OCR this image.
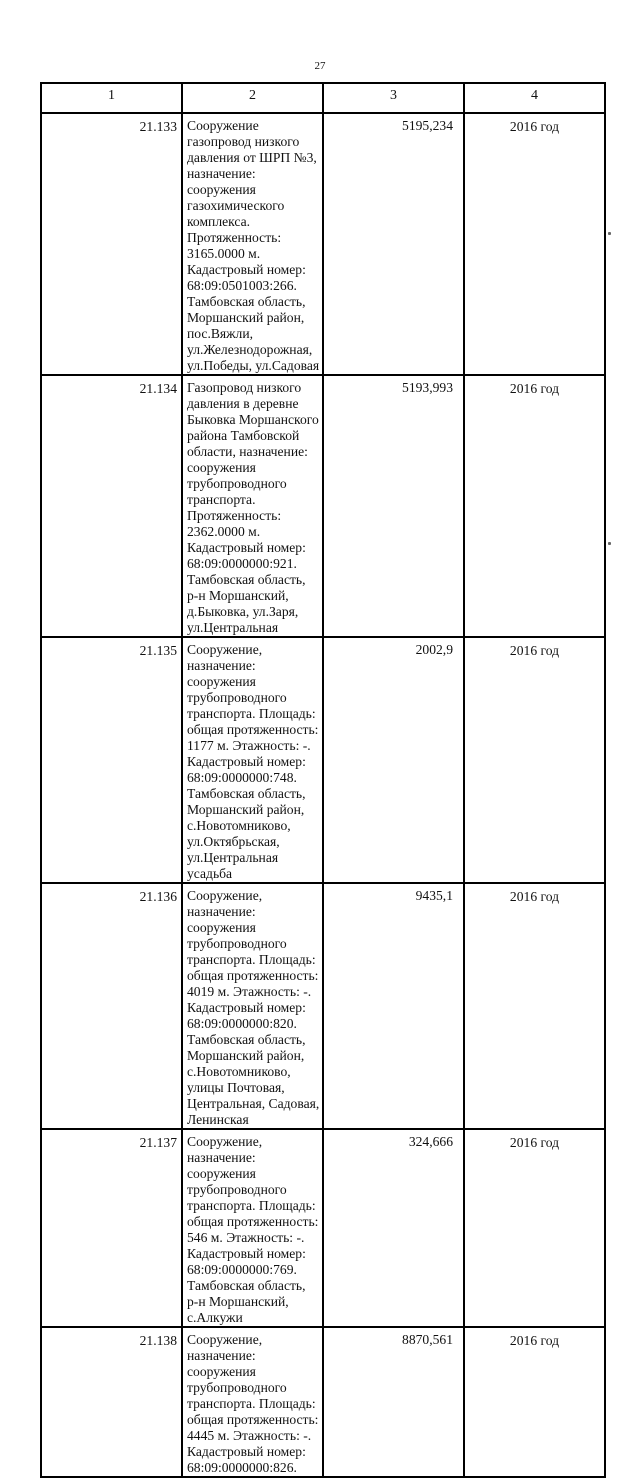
27
1	2	3	4
21.133	Сооружение газопровод низкого давления от ШРП №3, назначение: сооружения газохимического комплекса. Протяженность: 3165.0000 м. Кадастровый номер: 68:09:0501003:266. Тамбовская область, Моршанский район, пос.Вяжли, ул.Железнодорожная, ул.Победы, ул.Садовая	5195,234	2016 год
21.134	Газопровод низкого давления в деревне Быковка Моршанского района Тамбовской области, назначение: сооружения трубопроводного транспорта. Протяженность: 2362.0000 м. Кадастровый номер: 68:09:0000000:921. Тамбовская область, р-н Моршанский, д.Быковка, ул.Заря, ул.Центральная	5193,993	2016 год
21.135	Сооружение, назначение: сооружения трубопроводного транспорта. Площадь: общая протяженность: 1177 м. Этажность: -. Кадастровый номер: 68:09:0000000:748. Тамбовская область, Моршанский район, с.Новотомниково, ул.Октябрьская, ул.Центральная усадьба	2002,9	2016 год
21.136	Сооружение, назначение: сооружения трубопроводного транспорта. Площадь: общая протяженность: 4019 м. Этажность: -. Кадастровый номер: 68:09:0000000:820. Тамбовская область, Моршанский район, с.Новотомниково, улицы Почтовая, Центральная, Садовая, Ленинская	9435,1	2016 год
21.137	Сооружение, назначение: сооружения трубопроводного транспорта. Площадь: общая протяженность: 546 м. Этажность: -. Кадастровый номер: 68:09:0000000:769. Тамбовская область, р-н Моршанский, с.Алкужи	324,666	2016 год
21.138	Сооружение, назначение: сооружения трубопроводного транспорта. Площадь: общая протяженность: 4445 м. Этажность: -. Кадастровый номер: 68:09:0000000:826.	8870,561	2016 год
